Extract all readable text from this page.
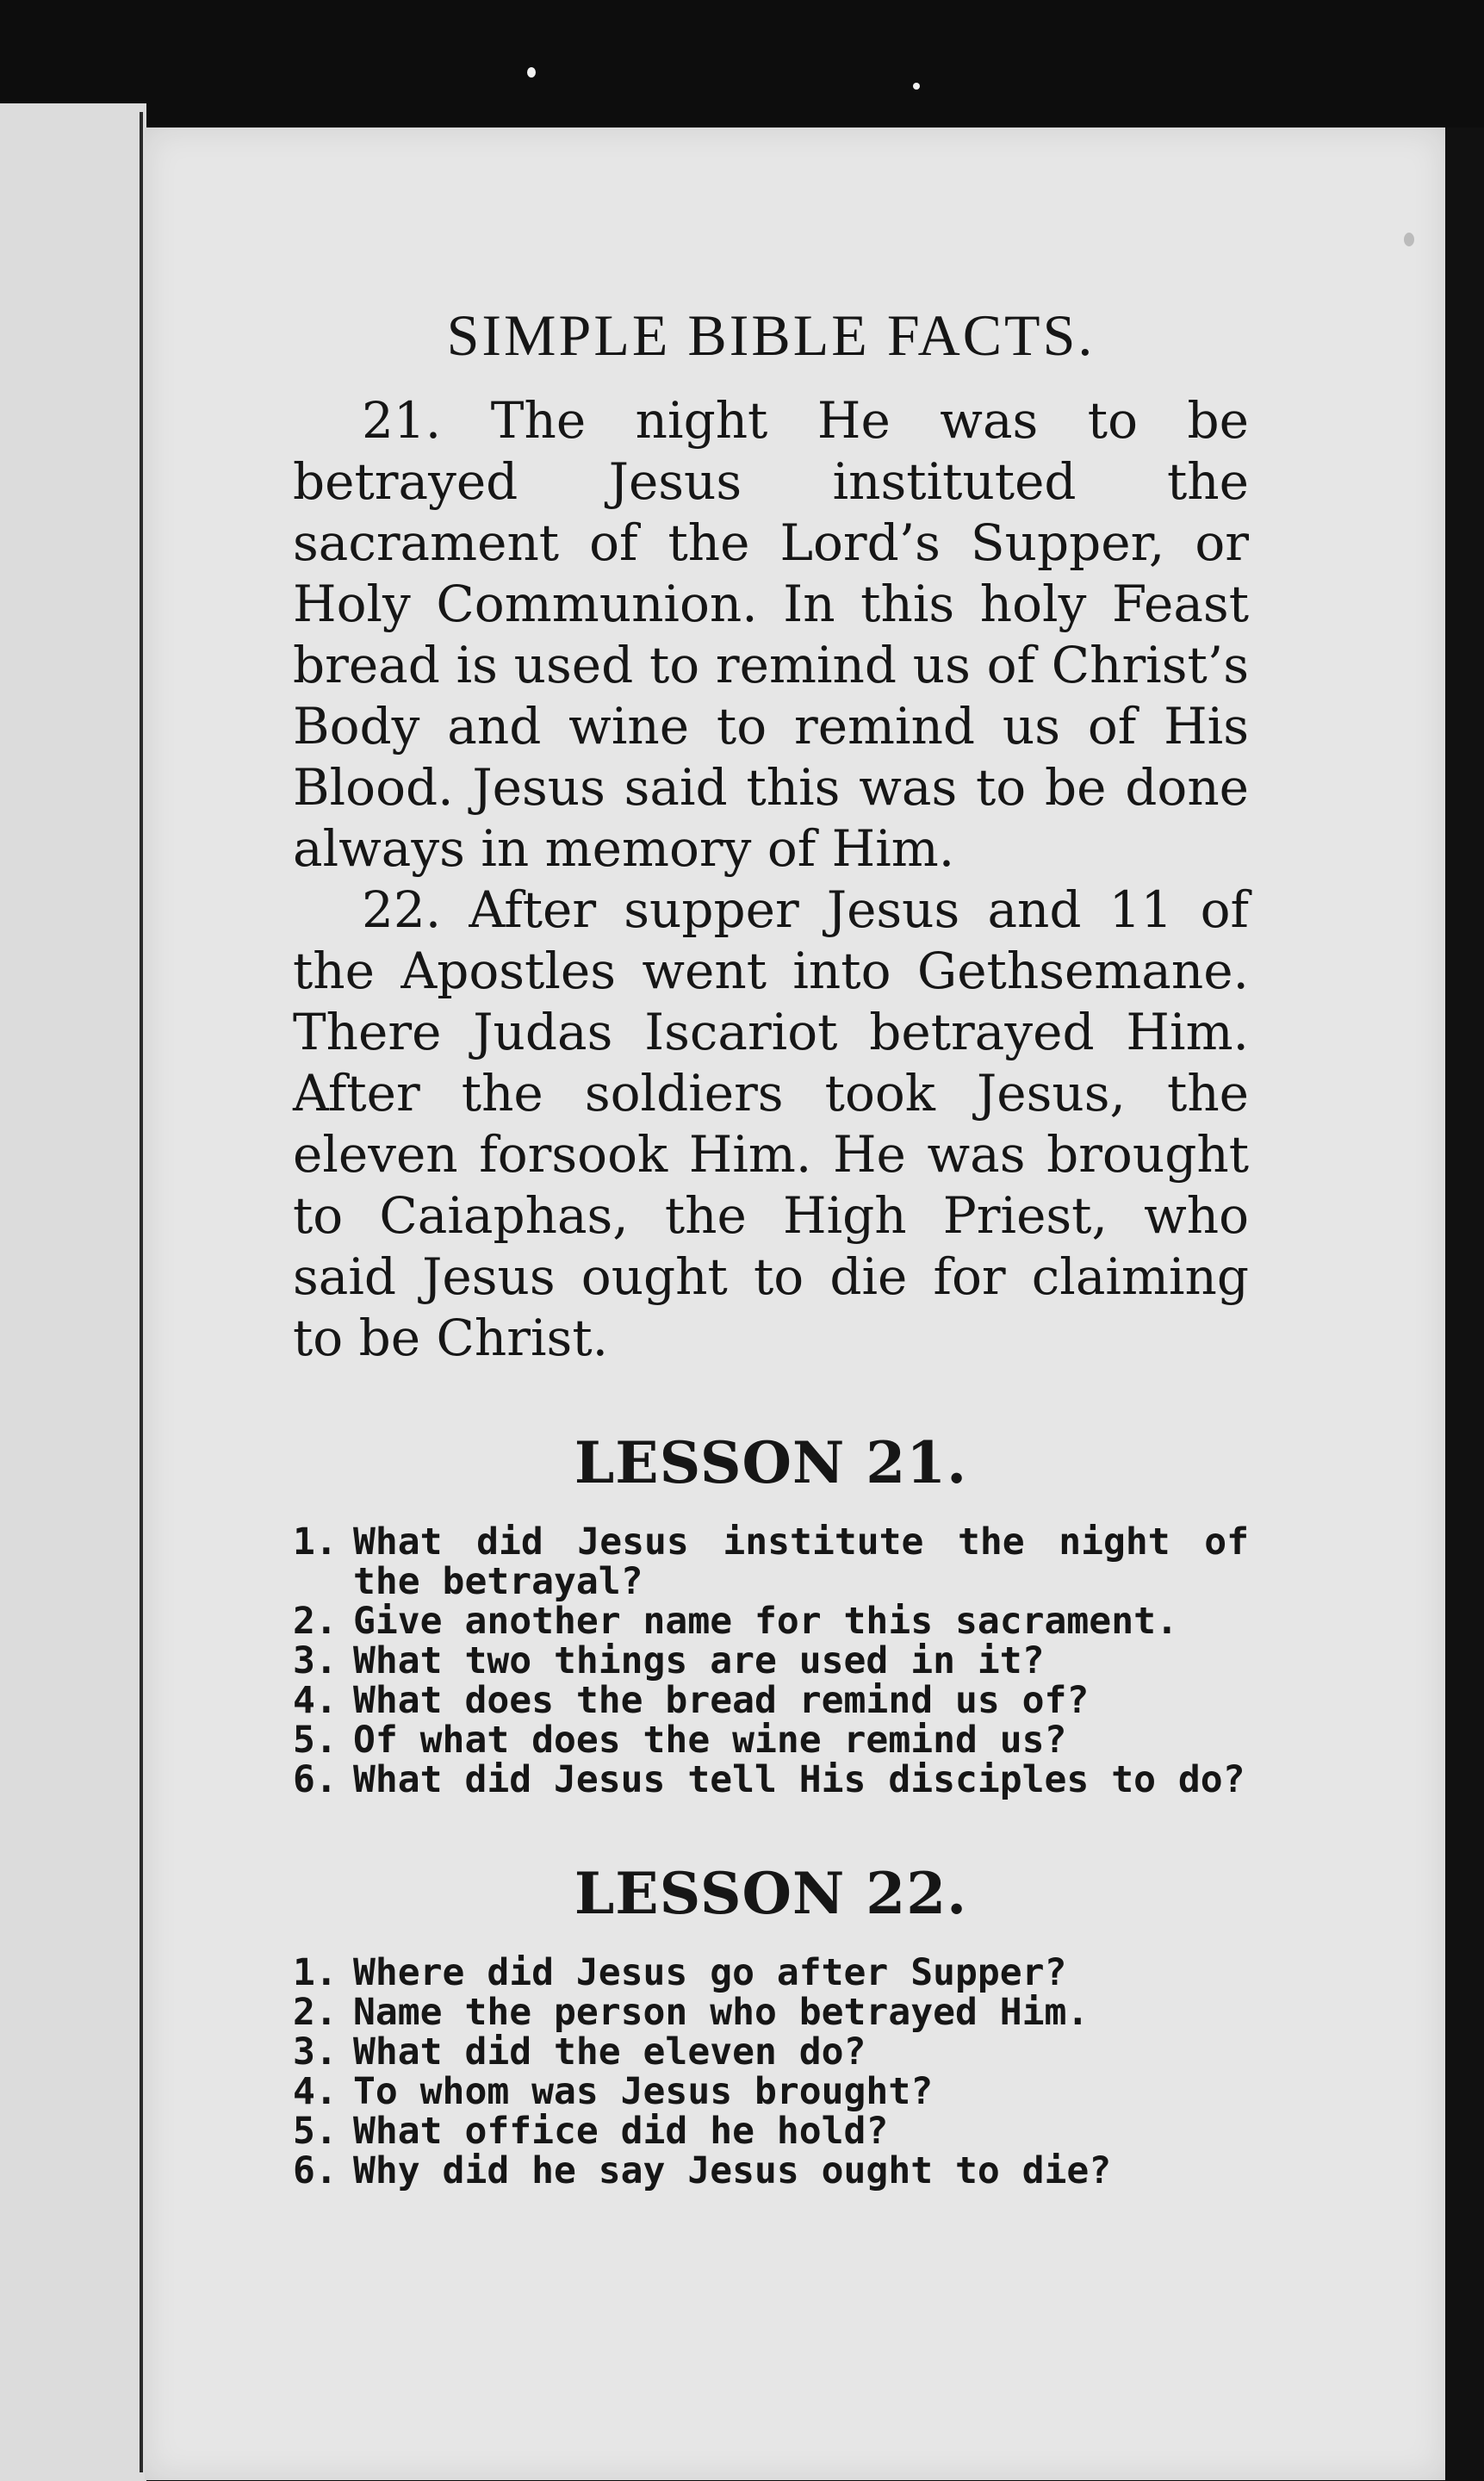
SIMPLE BIBLE FACTS.

21. The night He was to be betrayed Jesus instituted the sacrament of the Lord’s Supper, or Holy Communion. In this holy Feast bread is used to remind us of Christ’s Body and wine to remind us of His Blood. Jesus said this was to be done always in memory of Him.

22. After supper Jesus and 11 of the Apostles went into Gethsemane. There Judas Iscariot betrayed Him. After the soldiers took Jesus, the eleven forsook Him. He was brought to Caiaphas, the High Priest, who said Jesus ought to die for claiming to be Christ.

LESSON 21.
1. What did Jesus institute the night of the betrayal?
2. Give another name for this sacrament.
3. What two things are used in it?
4. What does the bread remind us of?
5. Of what does the wine remind us?
6. What did Jesus tell His disciples to do?
LESSON 22.
1. Where did Jesus go after Supper?
2. Name the person who betrayed Him.
3. What did the eleven do?
4. To whom was Jesus brought?
5. What office did he hold?
6. Why did he say Jesus ought to die?
